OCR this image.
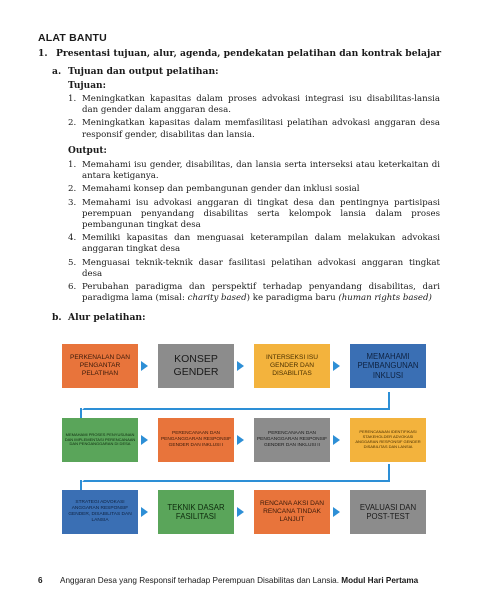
ALAT BANTU
1. Presentasi tujuan, alur, agenda, pendekatan pelatihan dan kontrak belajar
a. Tujuan dan output pelatihan:
Tujuan:
1. Meningkatkan kapasitas dalam proses advokasi integrasi isu disabilitas-lansia dan gender dalam anggaran desa.
2. Meningkatkan kapasitas dalam memfasilitasi pelatihan advokasi anggaran desa responsif gender, disabilitas dan lansia.
Output:
1. Memahami isu gender, disabilitas, dan lansia serta interseksi atau keterkaitan di antara ketiganya.
2. Memahami konsep dan pembangunan gender dan inklusi sosial
3. Memahami isu advokasi anggaran di tingkat desa dan pentingnya partisipasi perempuan penyandang disabilitas serta kelompok lansia dalam proses pembangunan tingkat desa
4. Memiliki kapasitas dan menguasai keterampilan dalam melakukan advokasi anggaran tingkat desa
5. Menguasai teknik-teknik dasar fasilitasi pelatihan advokasi anggaran tingkat desa
6. Perubahan paradigma dan perspektif terhadap penyandang disabilitas, dari paradigma lama (misal: charity based) ke paradigma baru (human rights based)
b. Alur pelatihan:
PERKENALAN DAN PENGANTAR PELATIHAN
KONSEP GENDER
INTERSEKSI ISU GENDER DAN DISABILITAS
MEMAHAMI PEMBANGUNAN INKLUSI
MEMAHAMI PROSES PENYUSUNAN DAN IMPLEMENTASI PERENCANAAN DAN PENGANGGARAN DI DESA
PERENCANAAN DAN PENGANGGARAN RESPONSIF GENDER DAN INKLUSI I
PERENCANAAN DAN PENGANGGARAN RESPONSIF GENDER DAN INKLUSI II
PERENCANAAN IDENTIFIKASI STAKEHOLDER ADVOKASI ANGGARAN RESPONSIF GENDER DISABILITAS DAN LANSIA
STRATEGI ADVOKASI ANGGARAN RESPONSIF GENDER, DISABILITAS DAN LANSIA
TEKNIK DASAR FASILITASI
RENCANA AKSI DAN RENCANA TINDAK LANJUT
EVALUASI DAN POST-TEST
6 Anggaran Desa yang Responsif terhadap Perempuan Disabilitas dan Lansia. Modul Hari Pertama
